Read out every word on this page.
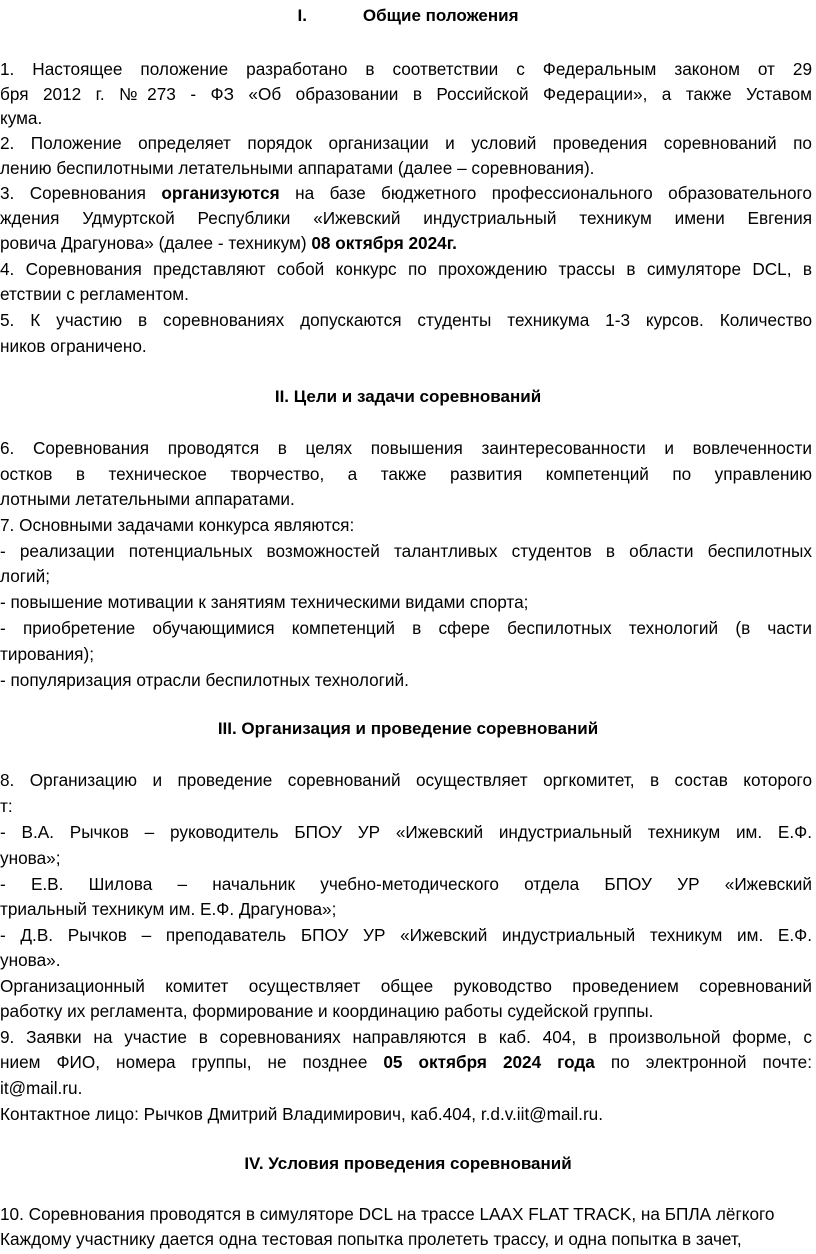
I.	Общие положения
1. Настоящее положение разработано в соответствии с Федеральным законом от 29
бря 2012 г. №273 - ФЗ «Об образовании в Российской Федерации», а также Уставом
кума.
2. Положение определяет порядок организации и условий проведения соревнований по
лению беспилотными летательными аппаратами (далее – соревнования).
3. Соревнования организуются на базе бюджетного профессионального образовательного
ждения Удмуртской Республики «Ижевский индустриальный техникум имени Евгения
ровича Драгунова» (далее - техникум) 08 октября 2024г.
4. Соревнования представляют собой конкурс по прохождению трассы в симуляторе DCL, в
етствии с регламентом.
5. К участию в соревнованиях допускаются студенты техникума 1-3 курсов. Количество
ников ограничено.
II. Цели и задачи соревнований
6. Соревнования проводятся в целях повышения заинтересованности и вовлеченности
остков в техническое творчество, а также развития компетенций по управлению
лотными летательными аппаратами.
7. Основными задачами конкурса являются:
- реализации потенциальных возможностей талантливых студентов в области беспилотных
логий;
- повышение мотивации к занятиям техническими видами спорта;
- приобретение обучающимися компетенций в сфере беспилотных технологий (в части
тирования);
- популяризация отрасли беспилотных технологий.
III. Организация и проведение соревнований
8. Организацию и проведение соревнований осуществляет оргкомитет, в состав которого
т:
- В.А. Рычков – руководитель БПОУ УР «Ижевский индустриальный техникум им. Е.Ф.
унова»;
- Е.В. Шилова – начальник учебно-методического отдела БПОУ УР «Ижевский
триальный техникум им. Е.Ф. Драгунова»;
- Д.В. Рычков – преподаватель БПОУ УР «Ижевский индустриальный техникум им. Е.Ф.
унова».
Организационный комитет осуществляет общее руководство проведением соревнований
работку их регламента, формирование и координацию работы судейской группы.
9. Заявки на участие в соревнованиях направляются в каб. 404, в произвольной форме, с
нием ФИО, номера группы, не позднее 05 октября 2024 года по электронной почте:
it@mail.ru.
Контактное лицо: Рычков Дмитрий Владимирович, каб.404, r.d.v.iit@mail.ru.
IV. Условия проведения соревнований
10. Соревнования проводятся в симуляторе DCL на трассе LAAX FLAT TRACK, на БПЛА лёгкого
Каждому участнику дается одна тестовая попытка пролететь трассу, и одна попытка в зачет,
